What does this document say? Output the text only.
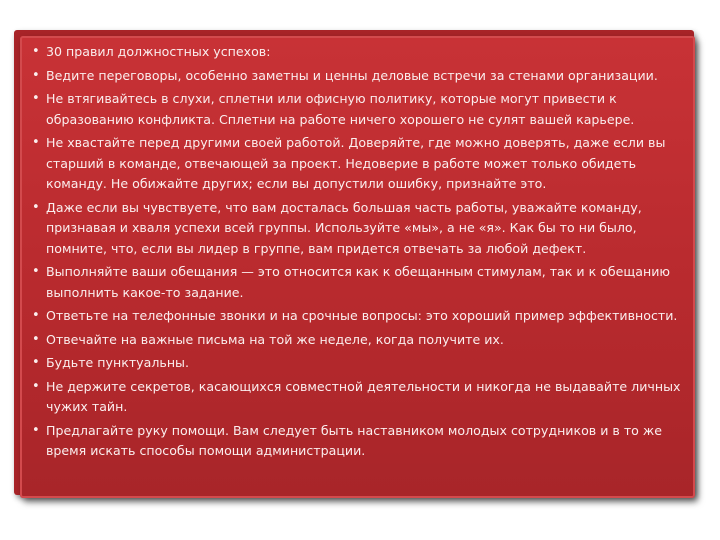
• 30 правил должностных успехов:
• Ведите переговоры, особенно заметны и ценны деловые встречи за стенами организации.
• Не втягивайтесь в слухи, сплетни или офисную политику, которые могут привести к образованию конфликта. Сплетни на работе ничего хорошего не сулят вашей карьере.
• Не хвастайте перед другими своей работой. Доверяйте, где можно доверять, даже если вы старший в команде, отвечающей за проект. Недоверие в работе может только обидеть команду. Не обижайте других; если вы допустили ошибку, признайте это.
• Даже если вы чувствуете, что вам досталась большая часть работы, уважайте команду, признавая и хваля успехи всей группы. Используйте «мы», а не «я». Как бы то ни было, помните, что, если вы лидер в группе, вам придется отвечать за любой дефект.
• Выполняйте ваши обещания — это относится как к обещанным стимулам, так и к обещанию выполнить какое-то задание.
• Ответьте на телефонные звонки и на срочные вопросы: это хороший пример эффективности.
• Отвечайте на важные письма на той же неделе, когда получите их.
• Будьте пунктуальны.
• Не держите секретов, касающихся совместной деятельности и никогда не выдавайте личных чужих тайн.
• Предлагайте руку помощи. Вам следует быть наставником молодых сотрудников и в то же время искать способы помощи администрации.
